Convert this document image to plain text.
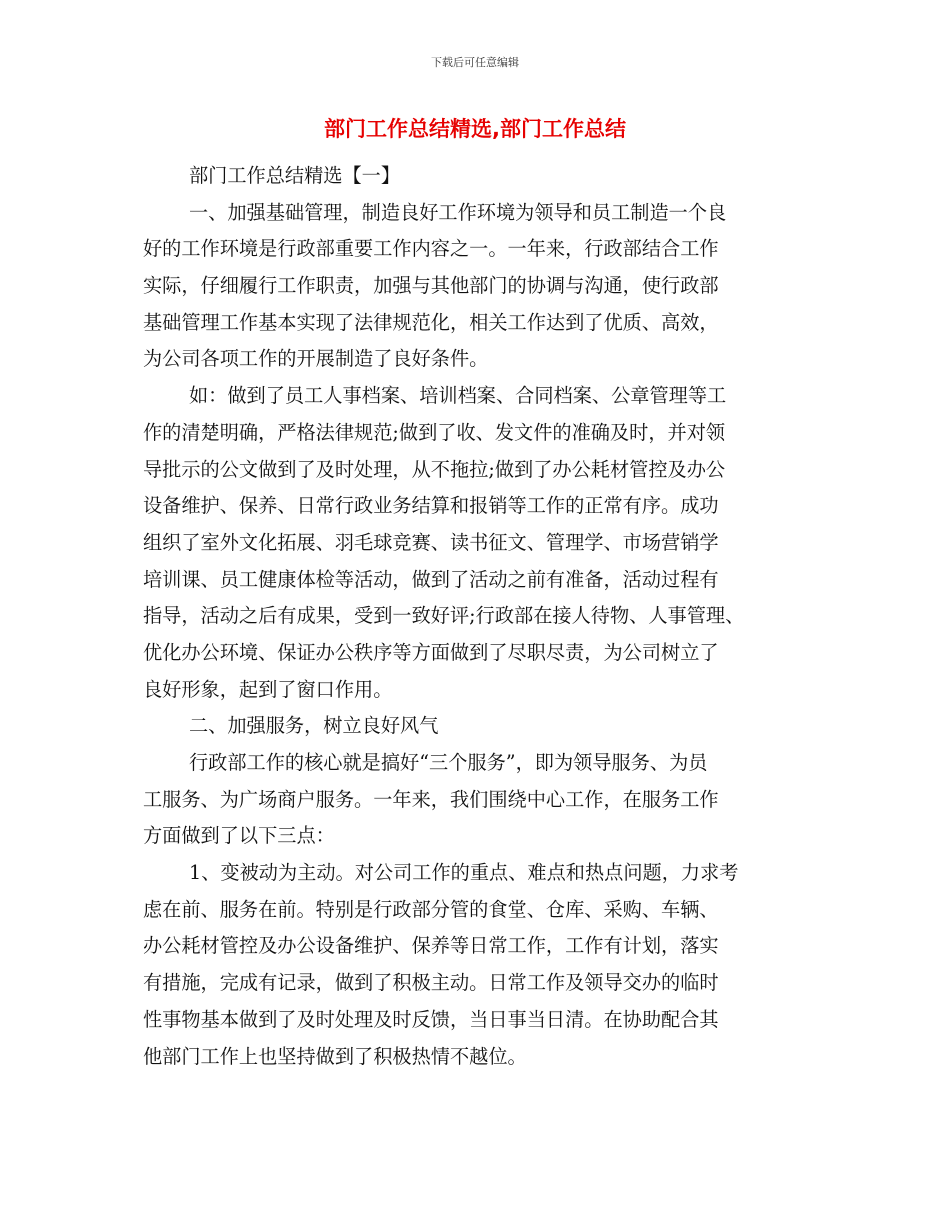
下载后可任意编辑
部门工作总结精选,部门工作总结
部门工作总结精选【一】
一、加强基础管理，制造良好工作环境为领导和员工制造一个良
好的工作环境是行政部重要工作内容之一。一年来，行政部结合工作
实际，仔细履行工作职责，加强与其他部门的协调与沟通，使行政部
基础管理工作基本实现了法律规范化，相关工作达到了优质、高效，
为公司各项工作的开展制造了良好条件。
如：做到了员工人事档案、培训档案、合同档案、公章管理等工
作的清楚明确，严格法律规范;做到了收、发文件的准确及时，并对领
导批示的公文做到了及时处理，从不拖拉;做到了办公耗材管控及办公
设备维护、保养、日常行政业务结算和报销等工作的正常有序。成功
组织了室外文化拓展、羽毛球竞赛、读书征文、管理学、市场营销学
培训课、员工健康体检等活动，做到了活动之前有准备，活动过程有
指导，活动之后有成果，受到一致好评;行政部在接人待物、人事管理、
优化办公环境、保证办公秩序等方面做到了尽职尽责，为公司树立了
良好形象，起到了窗口作用。
二、加强服务，树立良好风气
行政部工作的核心就是搞好“三个服务”，即为领导服务、为员
工服务、为广场商户服务。一年来，我们围绕中心工作，在服务工作
方面做到了以下三点：
1、变被动为主动。对公司工作的重点、难点和热点问题，力求考
虑在前、服务在前。特别是行政部分管的食堂、仓库、采购、车辆、
办公耗材管控及办公设备维护、保养等日常工作，工作有计划，落实
有措施，完成有记录，做到了积极主动。日常工作及领导交办的临时
性事物基本做到了及时处理及时反馈，当日事当日清。在协助配合其
他部门工作上也坚持做到了积极热情不越位。
